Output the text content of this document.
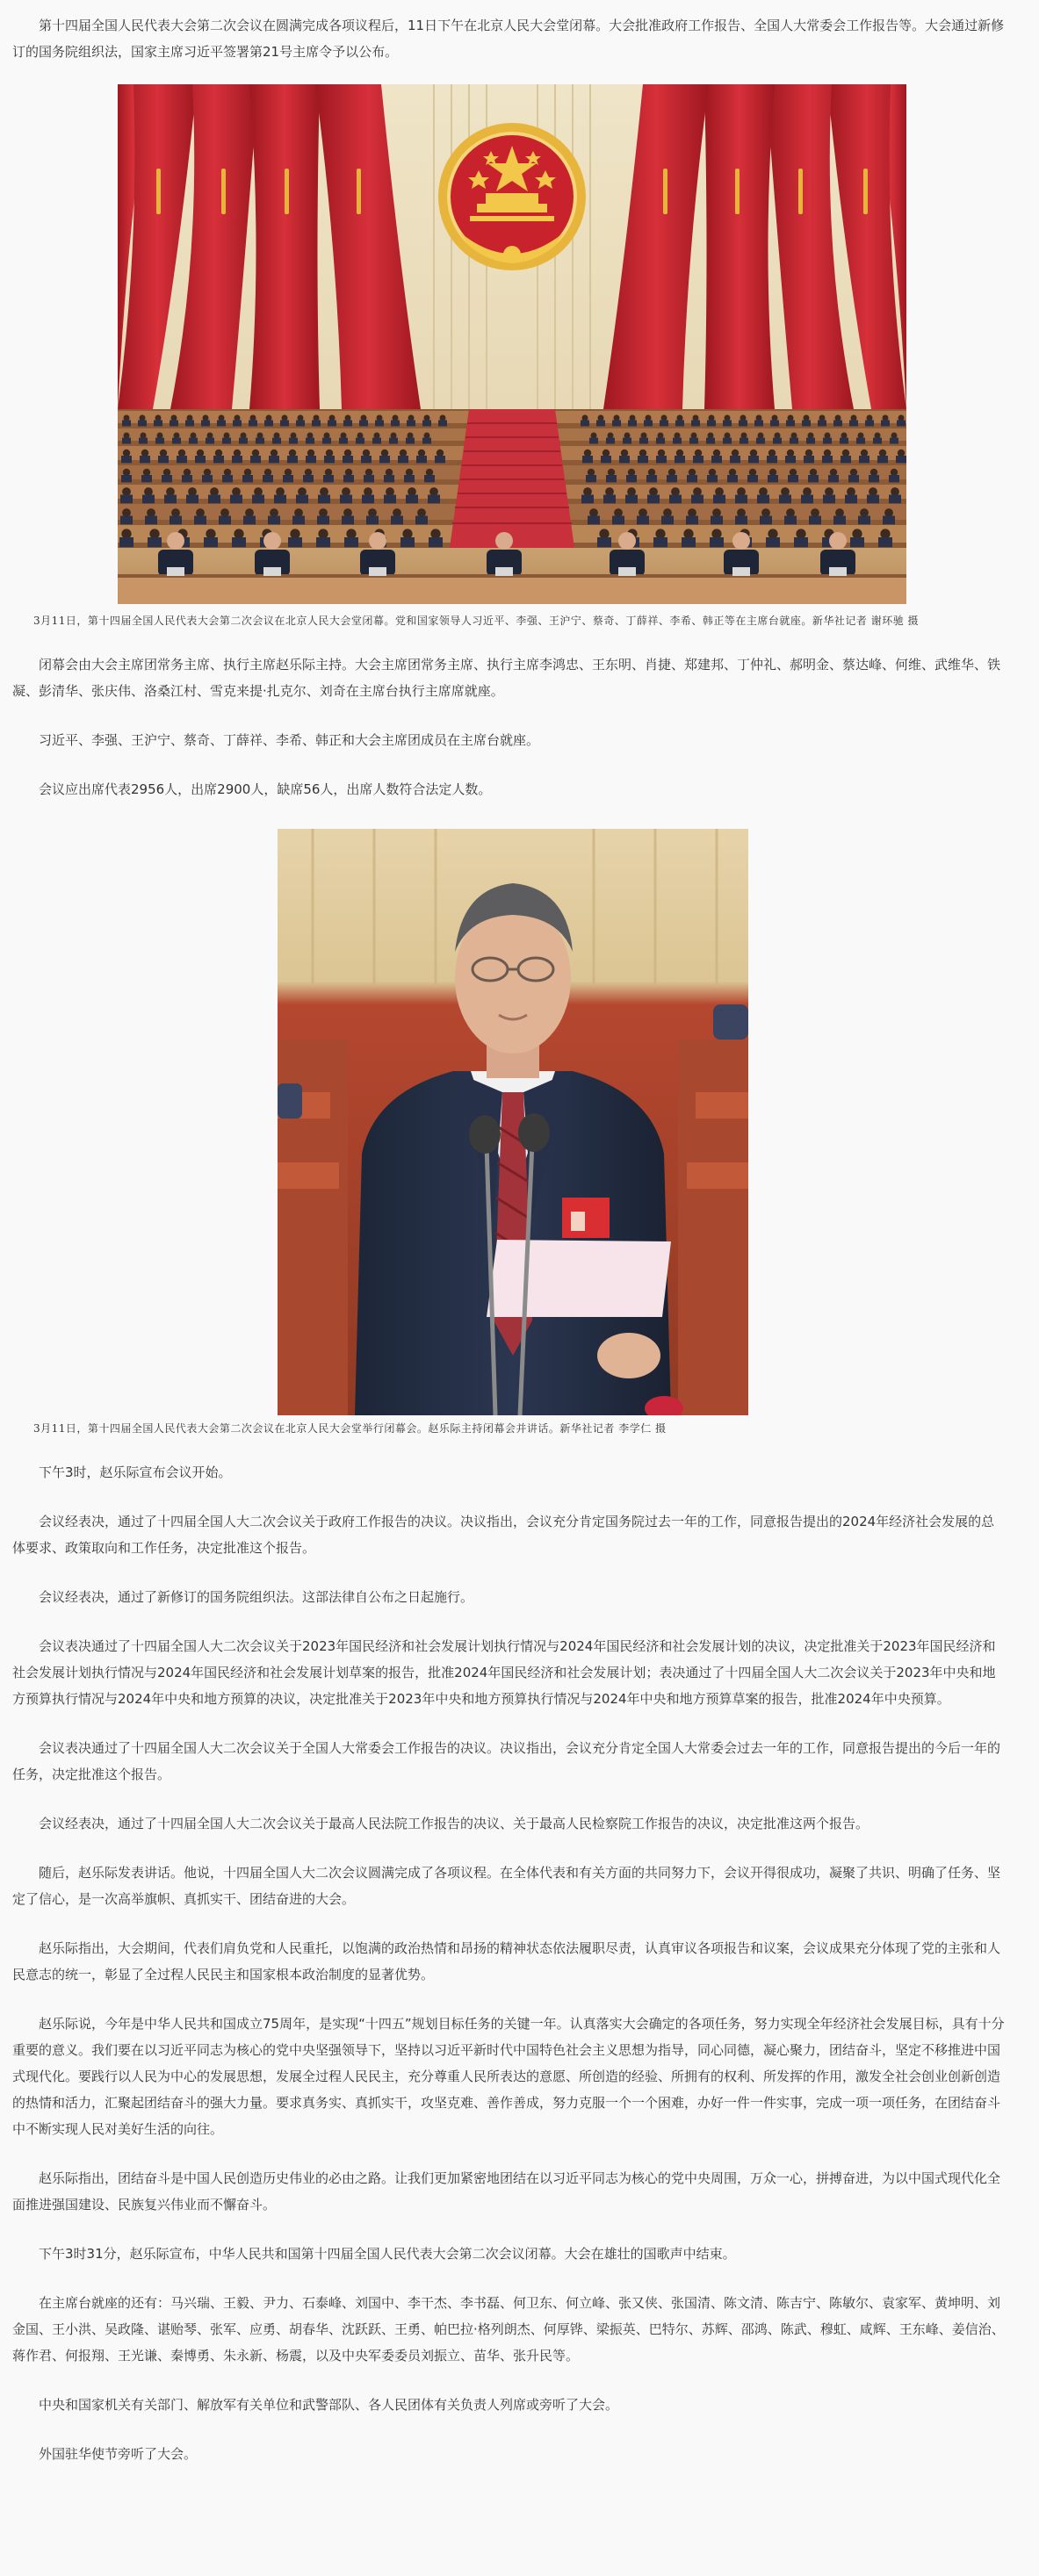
第十四届全国人民代表大会第二次会议在圆满完成各项议程后，11日下午在北京人民大会堂闭幕。大会批准政府工作报告、全国人大常委会工作报告等。大会通过新修订的国务院组织法，国家主席习近平签署第21号主席令予以公布。

3月11日，第十四届全国人民代表大会第二次会议在北京人民大会堂闭幕。党和国家领导人习近平、李强、王沪宁、蔡奇、丁薛祥、李希、韩正等在主席台就座。新华社记者 谢环驰 摄

闭幕会由大会主席团常务主席、执行主席赵乐际主持。大会主席团常务主席、执行主席李鸿忠、王东明、肖捷、郑建邦、丁仲礼、郝明金、蔡达峰、何维、武维华、铁凝、彭清华、张庆伟、洛桑江村、雪克来提·扎克尔、刘奇在主席台执行主席席就座。

习近平、李强、王沪宁、蔡奇、丁薛祥、李希、韩正和大会主席团成员在主席台就座。

会议应出席代表2956人，出席2900人，缺席56人，出席人数符合法定人数。

3月11日，第十四届全国人民代表大会第二次会议在北京人民大会堂举行闭幕会。赵乐际主持闭幕会并讲话。新华社记者 李学仁 摄

下午3时，赵乐际宣布会议开始。

会议经表决，通过了十四届全国人大二次会议关于政府工作报告的决议。决议指出，会议充分肯定国务院过去一年的工作，同意报告提出的2024年经济社会发展的总体要求、政策取向和工作任务，决定批准这个报告。

会议经表决，通过了新修订的国务院组织法。这部法律自公布之日起施行。

会议表决通过了十四届全国人大二次会议关于2023年国民经济和社会发展计划执行情况与2024年国民经济和社会发展计划的决议，决定批准关于2023年国民经济和社会发展计划执行情况与2024年国民经济和社会发展计划草案的报告，批准2024年国民经济和社会发展计划；表决通过了十四届全国人大二次会议关于2023年中央和地方预算执行情况与2024年中央和地方预算的决议，决定批准关于2023年中央和地方预算执行情况与2024年中央和地方预算草案的报告，批准2024年中央预算。

会议表决通过了十四届全国人大二次会议关于全国人大常委会工作报告的决议。决议指出，会议充分肯定全国人大常委会过去一年的工作，同意报告提出的今后一年的任务，决定批准这个报告。

会议经表决，通过了十四届全国人大二次会议关于最高人民法院工作报告的决议、关于最高人民检察院工作报告的决议，决定批准这两个报告。

随后，赵乐际发表讲话。他说，十四届全国人大二次会议圆满完成了各项议程。在全体代表和有关方面的共同努力下，会议开得很成功，凝聚了共识、明确了任务、坚定了信心，是一次高举旗帜、真抓实干、团结奋进的大会。

赵乐际指出，大会期间，代表们肩负党和人民重托，以饱满的政治热情和昂扬的精神状态依法履职尽责，认真审议各项报告和议案，会议成果充分体现了党的主张和人民意志的统一，彰显了全过程人民民主和国家根本政治制度的显著优势。

赵乐际说，今年是中华人民共和国成立75周年，是实现“十四五”规划目标任务的关键一年。认真落实大会确定的各项任务，努力实现全年经济社会发展目标，具有十分重要的意义。我们要在以习近平同志为核心的党中央坚强领导下，坚持以习近平新时代中国特色社会主义思想为指导，同心同德，凝心聚力，团结奋斗，坚定不移推进中国式现代化。要践行以人民为中心的发展思想，发展全过程人民民主，充分尊重人民所表达的意愿、所创造的经验、所拥有的权利、所发挥的作用，激发全社会创业创新创造的热情和活力，汇聚起团结奋斗的强大力量。要求真务实、真抓实干，攻坚克难、善作善成，努力克服一个一个困难，办好一件一件实事，完成一项一项任务，在团结奋斗中不断实现人民对美好生活的向往。

赵乐际指出，团结奋斗是中国人民创造历史伟业的必由之路。让我们更加紧密地团结在以习近平同志为核心的党中央周围，万众一心，拼搏奋进，为以中国式现代化全面推进强国建设、民族复兴伟业而不懈奋斗。

下午3时31分，赵乐际宣布，中华人民共和国第十四届全国人民代表大会第二次会议闭幕。大会在雄壮的国歌声中结束。

在主席台就座的还有：马兴瑞、王毅、尹力、石泰峰、刘国中、李干杰、李书磊、何卫东、何立峰、张又侠、张国清、陈文清、陈吉宁、陈敏尔、袁家军、黄坤明、刘金国、王小洪、吴政隆、谌贻琴、张军、应勇、胡春华、沈跃跃、王勇、帕巴拉·格列朗杰、何厚铧、梁振英、巴特尔、苏辉、邵鸿、陈武、穆虹、咸辉、王东峰、姜信治、蒋作君、何报翔、王光谦、秦博勇、朱永新、杨震，以及中央军委委员刘振立、苗华、张升民等。

中央和国家机关有关部门、解放军有关单位和武警部队、各人民团体有关负责人列席或旁听了大会。

外国驻华使节旁听了大会。
